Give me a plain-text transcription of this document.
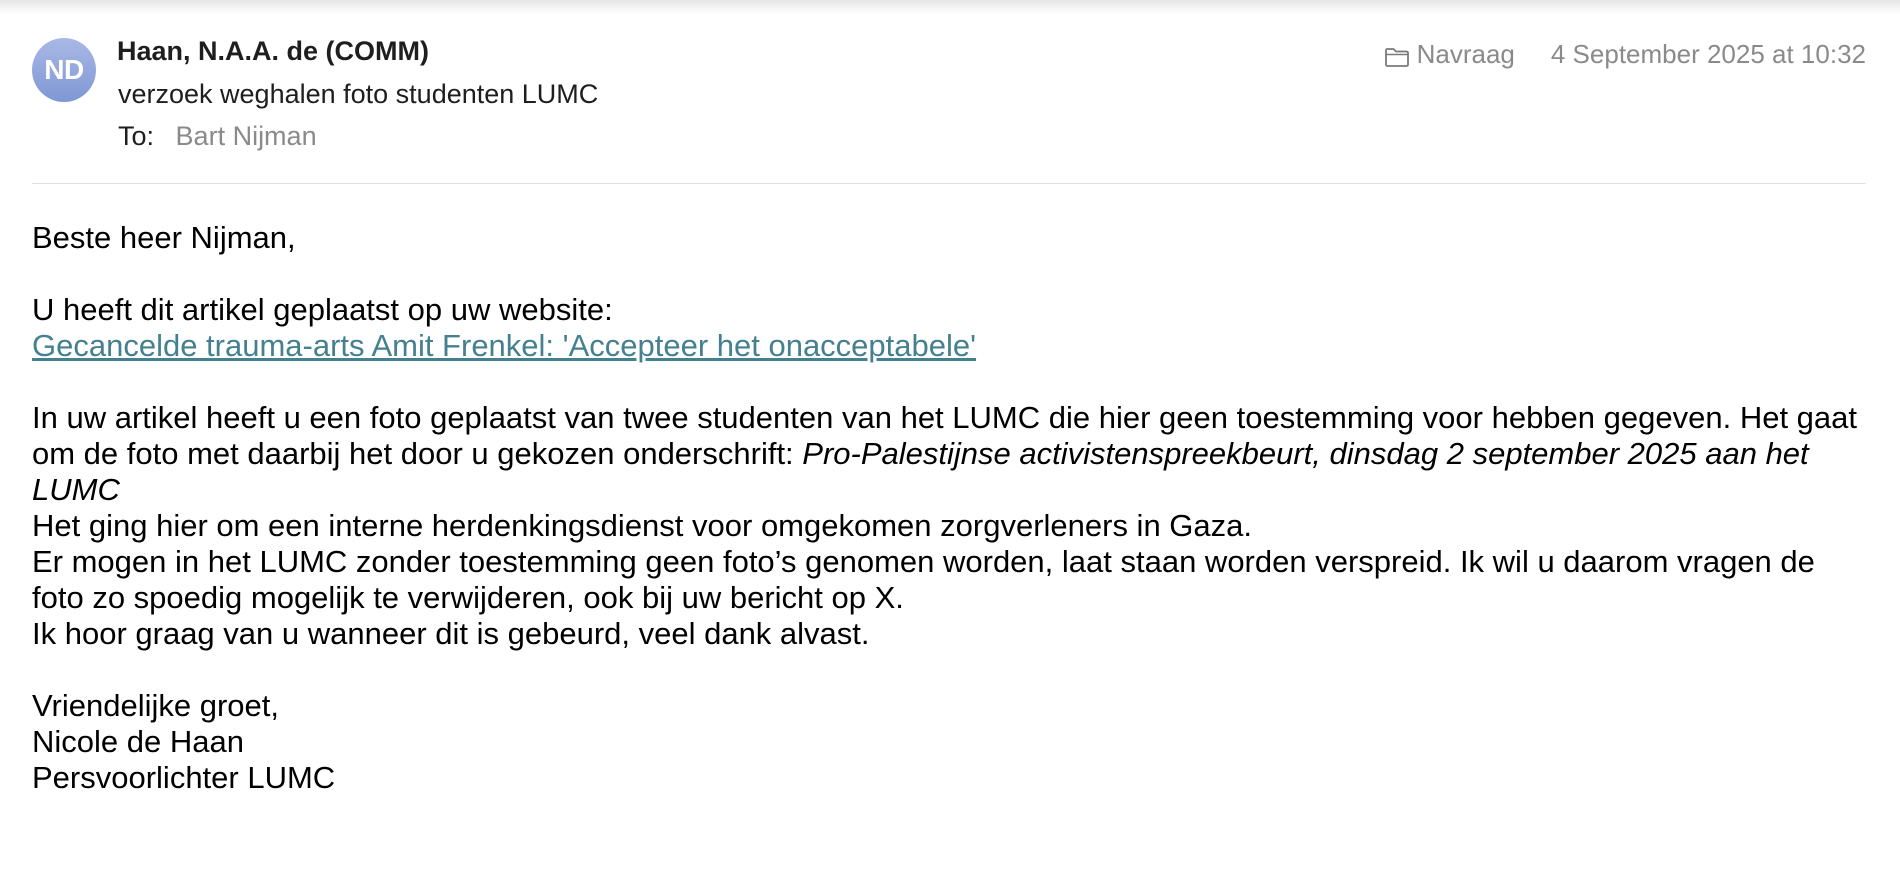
ND
Haan, N.A.A. de (COMM)
verzoek weghalen foto studenten LUMC
To: Bart Nijman
Navraag 4 September 2025 at 10:32

Beste heer Nijman,

U heeft dit artikel geplaatst op uw website:

Gecancelde trauma-arts Amit Frenkel: 'Accepteer het onacceptabele'

In uw artikel heeft u een foto geplaatst van twee studenten van het LUMC die hier geen toestemming voor hebben gegeven. Het gaat om de foto met daarbij het door u gekozen onderschrift: Pro-Palestijnse activistenspreekbeurt, dinsdag 2 september 2025 aan het LUMC

Het ging hier om een interne herdenkingsdienst voor omgekomen zorgverleners in Gaza.

Er mogen in het LUMC zonder toestemming geen foto’s genomen worden, laat staan worden verspreid. Ik wil u daarom vragen de foto zo spoedig mogelijk te verwijderen, ook bij uw bericht op X.

Ik hoor graag van u wanneer dit is gebeurd, veel dank alvast.

Vriendelijke groet,

Nicole de Haan

Persvoorlichter LUMC
